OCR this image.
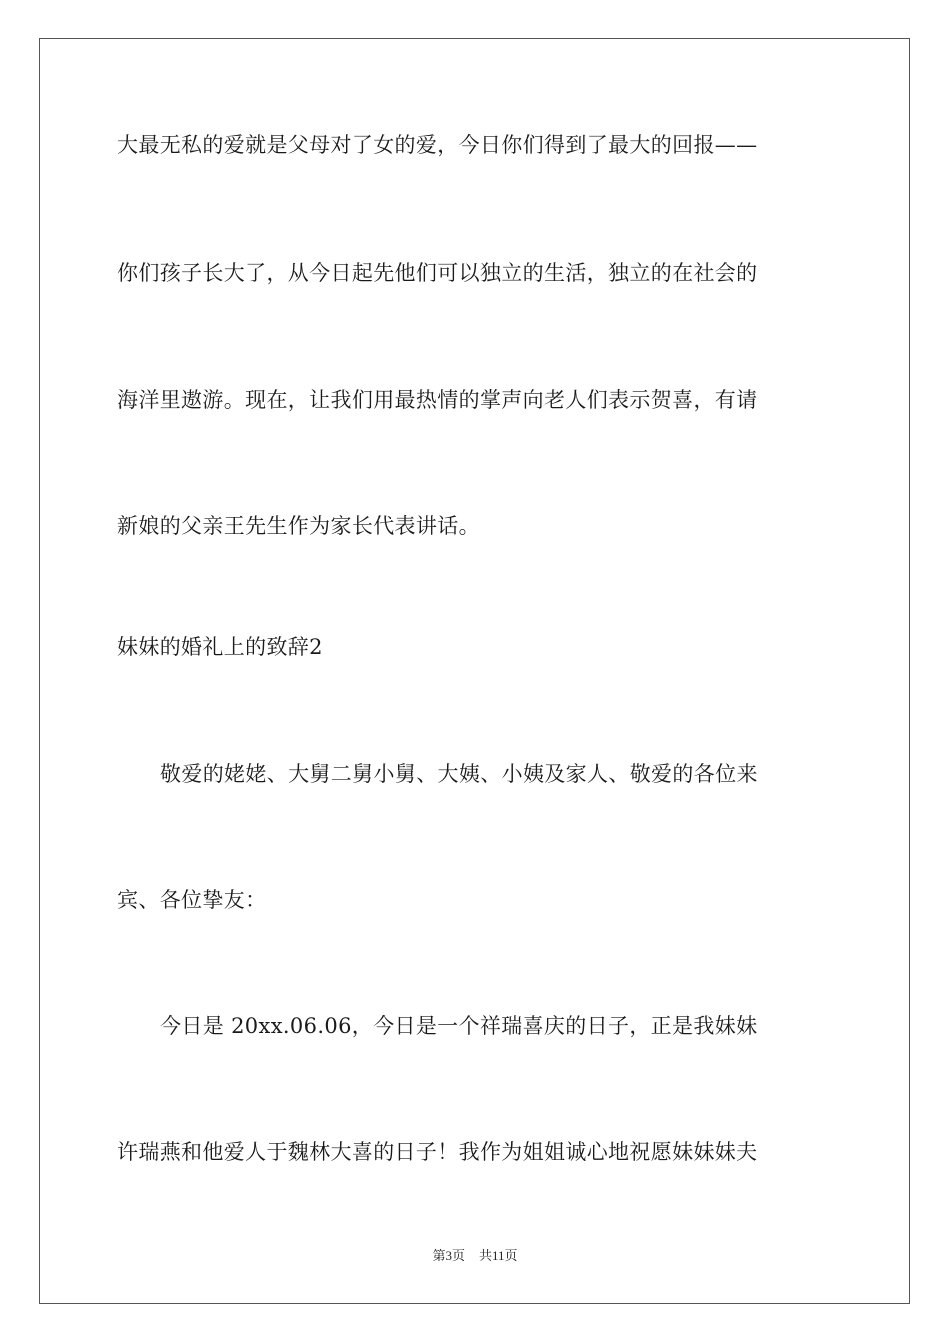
大最无私的爱就是父母对了女的爱，今日你们得到了最大的回报——
你们孩子长大了，从今日起先他们可以独立的生活，独立的在社会的
海洋里遨游。现在，让我们用最热情的掌声向老人们表示贺喜，有请
新娘的父亲王先生作为家长代表讲话。
妹妹的婚礼上的致辞2
敬爱的姥姥、大舅二舅小舅、大姨、小姨及家人、敬爱的各位来
宾、各位挚友：
今日是 20xx.06.06，今日是一个祥瑞喜庆的日子，正是我妹妹
许瑞燕和他爱人于魏林大喜的日子！我作为姐姐诚心地祝愿妹妹妹夫
第3页 共11页
